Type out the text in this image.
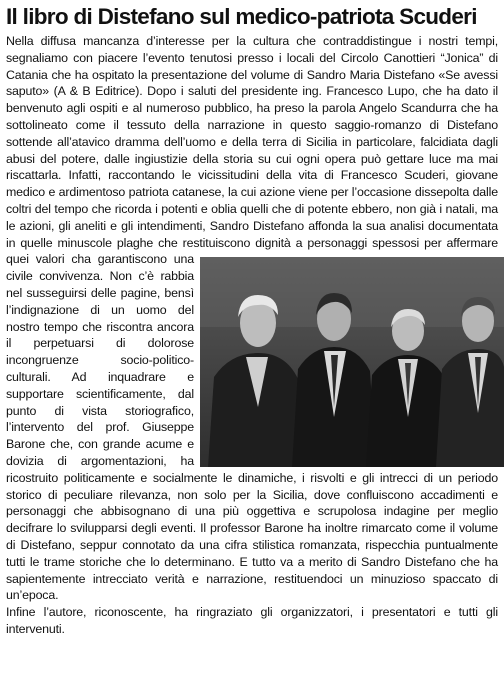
Il libro di Distefano sul medico-patriota Scuderi

Nella diffusa mancanza d’interesse per la cultura che contraddistingue i nostri tempi, segnaliamo con piacere l’evento tenutosi presso i locali del Circolo Canottieri “Jonica” di Catania che ha ospitato la presentazione del volume di Sandro Maria Distefano «Se avessi saputo» (A & B Editrice). Dopo i saluti del presidente ing. Francesco Lupo, che ha dato il benvenuto agli ospiti e al numeroso pubblico, ha preso la parola Angelo Scandurra che ha sottolineato come il tessuto della narrazione in questo saggio-romanzo di Distefano sottende all’atavico dramma dell’uomo e della terra di Sicilia in particolare, falcidiata dagli abusi del potere, dalle ingiustizie della storia su cui ogni opera può gettare luce ma mai riscattarla. Infatti, raccontando le vicissitudini della vita di Francesco Scuderi, giovane medico e ardimentoso patriota catanese, la cui azione viene per l’occasione dissepolta dalle coltri del tempo che ricorda i potenti e oblia quelli che di potente ebbero, non già i natali, ma le azioni, gli aneliti e gli intendimenti, Sandro Distefano affonda la sua analisi documentata in quelle minuscole plaghe che restituiscono dignità a personaggi spesso
si per affermare quei valori cha garantiscono una civile convivenza. Non c’è rabbia nel susseguirsi delle pagine, bensì l’indignazione di un uomo del nostro tempo che riscontra ancora il perpetuarsi di dolorose incongruenze socio-politico-culturali. Ad inquadrare e supportare scientificamente, dal punto di vista storiografico, l’intervento del prof. Giuseppe Barone che, con grande acume e dovizia di argomentazioni, ha ricostruito politicamente e socialmente le dinamiche, i risvolti e gli intrecci di un periodo storico di peculiare rilevanza, non solo per la Sicilia, dove confluiscono accadimenti e personaggi che abbisognano di una più oggettiva e scrupolosa indagine per meglio decifrare lo svilupparsi degli eventi. Il professor Barone ha inoltre rimarcato come il volume di Distefano, seppur connotato da una cifra stilistica romanzata, rispecchia puntualmente tutti le trame storiche che lo determinano. E tutto va a merito di Sandro Distefano che ha sapientemente intrecciato verità e narrazione, restituendoci un minuzioso spaccato di un’epoca.

Infine l’autore, riconoscente, ha ringraziato gli organizzatori, i presentatori e tutti gli intervenuti.
